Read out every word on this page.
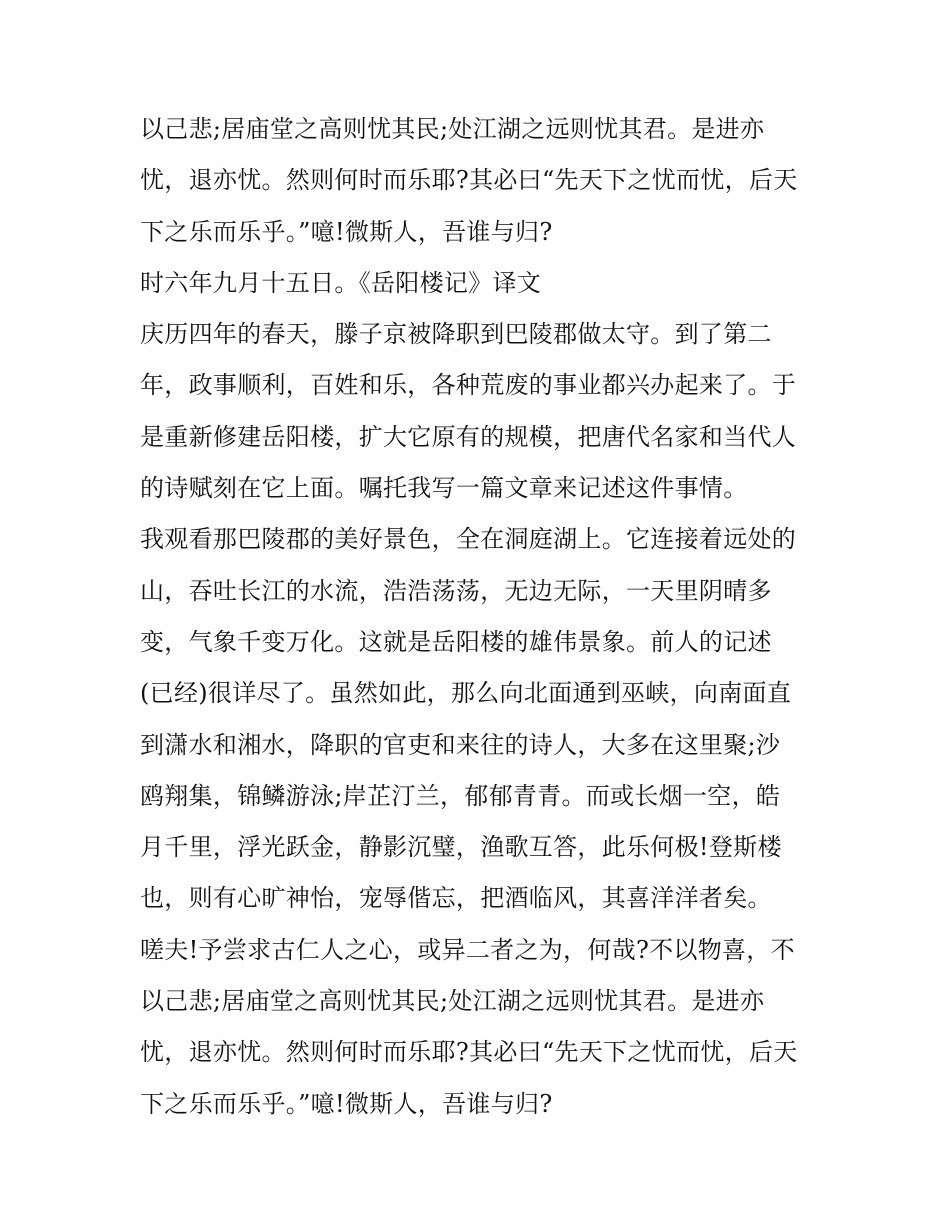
以己悲;居庙堂之高则忧其民;处江湖之远则忧其君。是进亦
忧，退亦忧。然则何时而乐耶?其必曰“先天下之忧而忧，后天
下之乐而乐乎。”噫!微斯人，吾谁与归?
时六年九月十五日。《岳阳楼记》译文
庆历四年的春天，滕子京被降职到巴陵郡做太守。到了第二
年，政事顺利，百姓和乐，各种荒废的事业都兴办起来了。于
是重新修建岳阳楼，扩大它原有的规模，把唐代名家和当代人
的诗赋刻在它上面。嘱托我写一篇文章来记述这件事情。
我观看那巴陵郡的美好景色，全在洞庭湖上。它连接着远处的
山，吞吐长江的水流，浩浩荡荡，无边无际，一天里阴晴多
变，气象千变万化。这就是岳阳楼的雄伟景象。前人的记述
(已经)很详尽了。虽然如此，那么向北面通到巫峡，向南面直
到潇水和湘水，降职的官吏和来往的诗人，大多在这里聚;沙
鸥翔集，锦鳞游泳;岸芷汀兰，郁郁青青。而或长烟一空，皓
月千里，浮光跃金，静影沉璧，渔歌互答，此乐何极!登斯楼
也，则有心旷神怡，宠辱偕忘，把酒临风，其喜洋洋者矣。
嗟夫!予尝求古仁人之心，或异二者之为，何哉?不以物喜，不
以己悲;居庙堂之高则忧其民;处江湖之远则忧其君。是进亦
忧，退亦忧。然则何时而乐耶?其必曰“先天下之忧而忧，后天
下之乐而乐乎。”噫!微斯人，吾谁与归?
